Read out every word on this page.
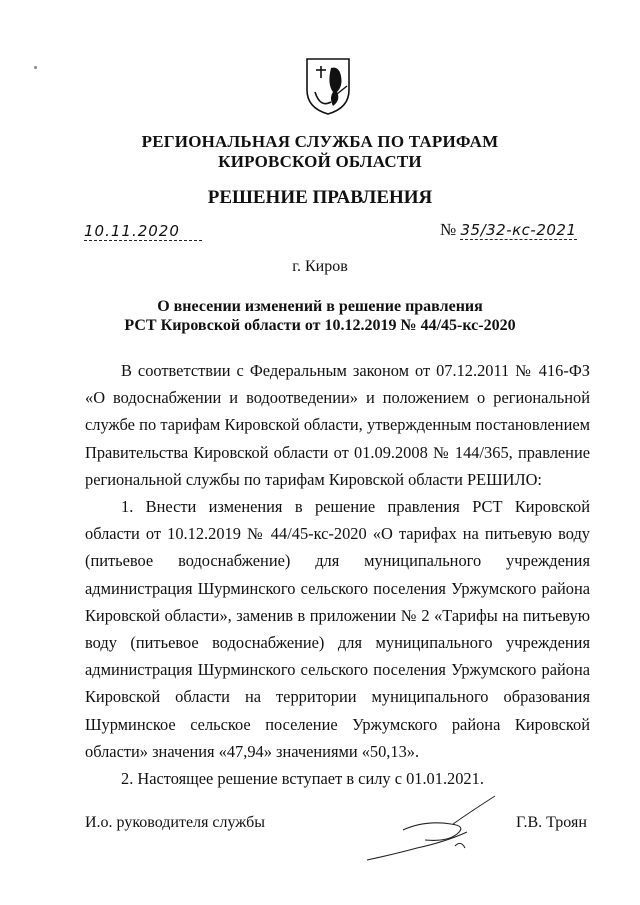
РЕГИОНАЛЬНАЯ СЛУЖБА ПО ТАРИФАМ
КИРОВСКОЙ ОБЛАСТИ
РЕШЕНИЕ ПРАВЛЕНИЯ
10.11.2020	№ 35/32-кс-2021
г. Киров
О внесении изменений в решение правления
РСТ Кировской области от 10.12.2019 № 44/45-кс-2020

В соответствии с Федеральным законом от 07.12.2011 № 416-ФЗ «О водоснабжении и водоотведении» и положением о региональной службе по тарифам Кировской области, утвержденным постановлением Правительства Кировской области от 01.09.2008 № 144/365, правление региональной службы по тарифам Кировской области РЕШИЛО:

1. Внести изменения в решение правления РСТ Кировской области от 10.12.2019 № 44/45-кс-2020 «О тарифах на питьевую воду (питьевое водоснабжение) для муниципального учреждения администрация Шурминского сельского поселения Уржумского района Кировской области», заменив в приложении № 2 «Тарифы на питьевую воду (питьевое водоснабжение) для муниципального учреждения администрация Шурминского сельского поселения Уржумского района Кировской области на территории муниципального образования Шурминское сельское поселение Уржумского района Кировской области» значения «47,94» значениями «50,13».

2. Настоящее решение вступает в силу с 01.01.2021.

И.о. руководителя службы	Г.В. Троян
